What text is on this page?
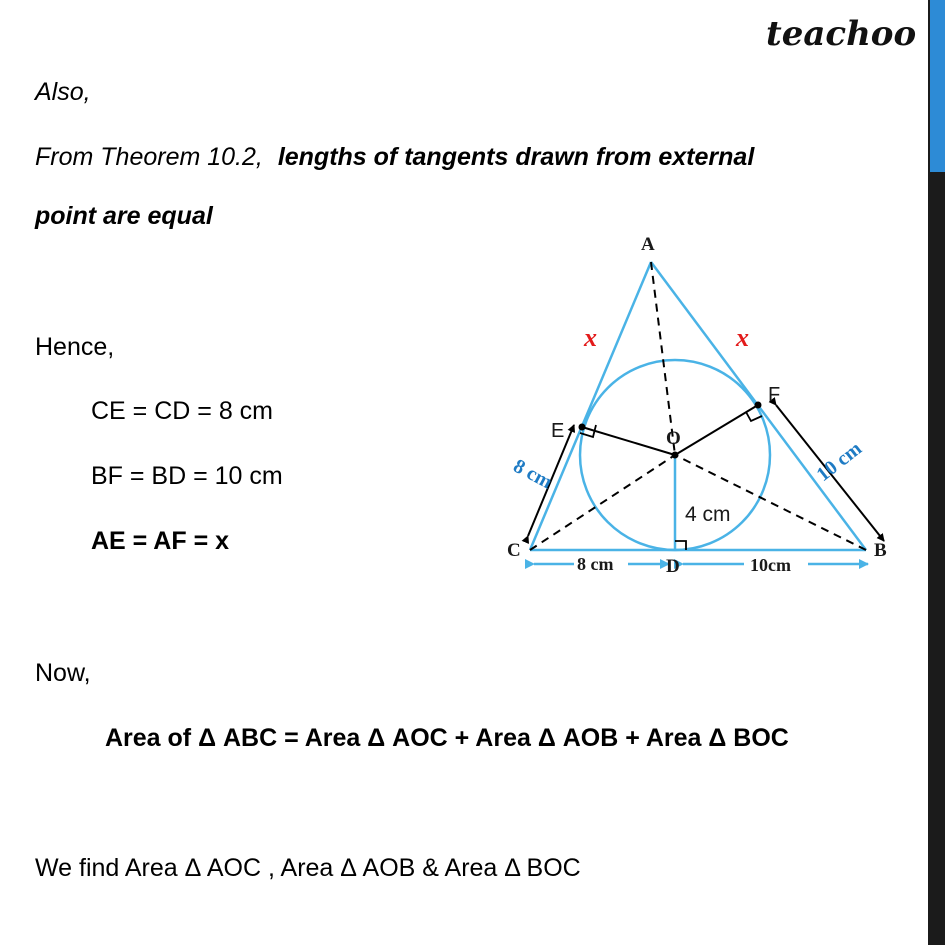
teachoo
Also,
From Theorem 10.2, lengths of tangents drawn from external
point are equal
Hence,
CE = CD = 8 cm
BF = BD = 10 cm
AE = AF = x
Now,
Area of Δ ABC = Area Δ AOC + Area Δ AOB + Area Δ BOC
We find Area Δ AOC , Area Δ AOB & Area Δ BOC
A
B
C
D
E
F
O
x	x
8 cm	10 cm
8 cm	10cm
4 cm
